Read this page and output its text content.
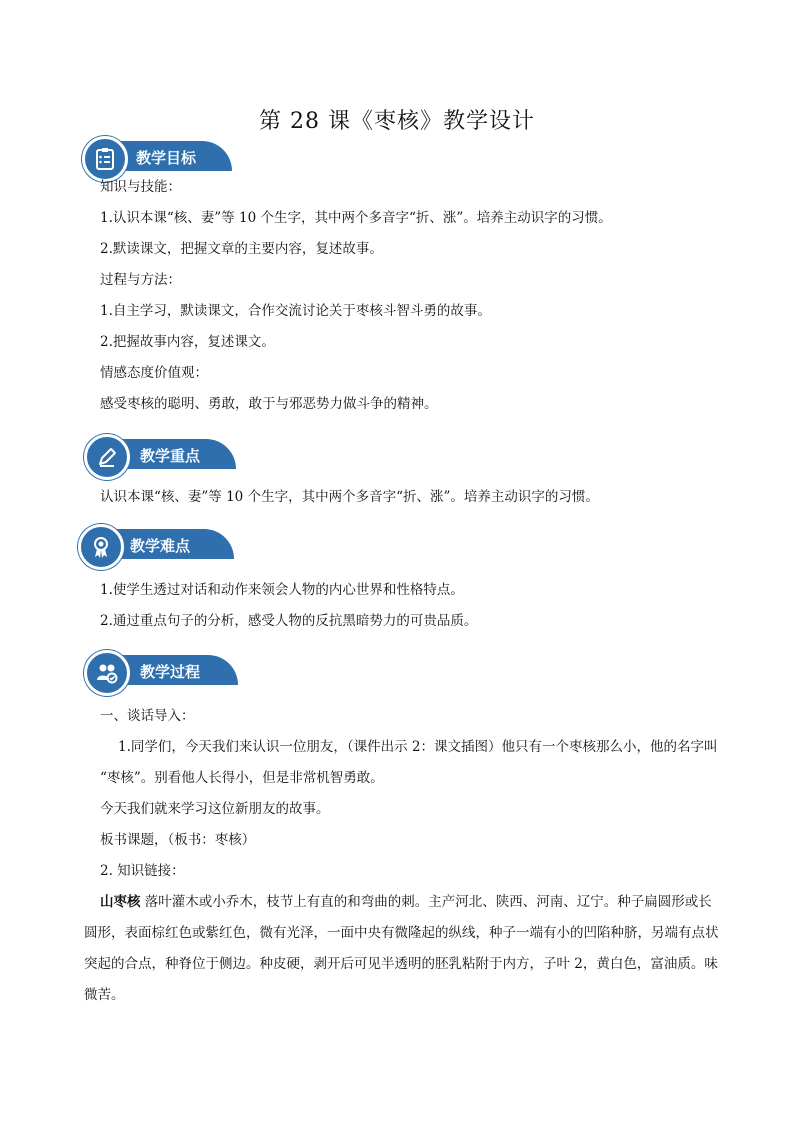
第 28 课《枣核》教学设计
教学目标
知识与技能：
1.认识本课“核、妻”等 10 个生字，其中两个多音字“折、涨”。培养主动识字的习惯。
2.默读课文，把握文章的主要内容，复述故事。
过程与方法：
1.自主学习，默读课文，合作交流讨论关于枣核斗智斗勇的故事。
2.把握故事内容，复述课文。
情感态度价值观：
感受枣核的聪明、勇敢，敢于与邪恶势力做斗争的精神。
教学重点
认识本课“核、妻”等 10 个生字，其中两个多音字“折、涨”。培养主动识字的习惯。
教学难点
1.使学生透过对话和动作来领会人物的内心世界和性格特点。
2.通过重点句子的分析，感受人物的反抗黑暗势力的可贵品质。
教学过程
一、谈话导入：
1.同学们，今天我们来认识一位朋友，（课件出示 2：课文插图）他只有一个枣核那么小，他的名字叫
“枣核”。别看他人长得小，但是非常机智勇敢。
今天我们就来学习这位新朋友的故事。
板书课题，（板书：枣核）
2. 知识链接：
山枣核 落叶灌木或小乔木，枝节上有直的和弯曲的刺。主产河北、陕西、河南、辽宁。种子扁圆形或长圆形，表面棕红色或紫红色，微有光泽，一面中央有微隆起的纵线，种子一端有小的凹陷种脐，另端有点状突起的合点，种脊位于侧边。种皮硬，剥开后可见半透明的胚乳粘附于内方，子叶 2，黄白色，富油质。味微苦。
